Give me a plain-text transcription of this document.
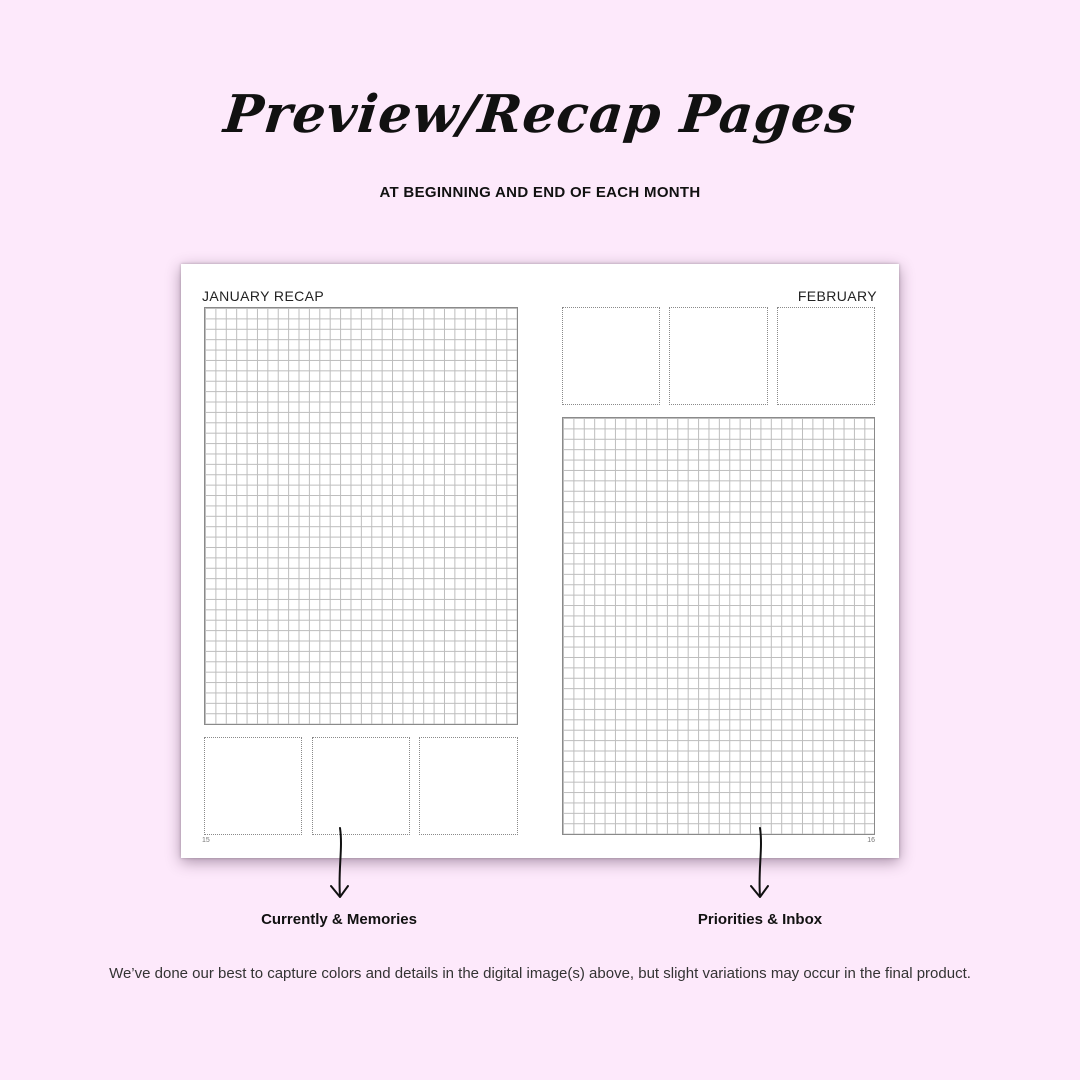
Preview/Recap Pages
AT BEGINNING AND END OF EACH MONTH
JANUARY RECAP
15
FEBRUARY
16
Currently & Memories	Priorities & Inbox
We’ve done our best to capture colors and details in the digital image(s) above, but slight variations may occur in the final product.
